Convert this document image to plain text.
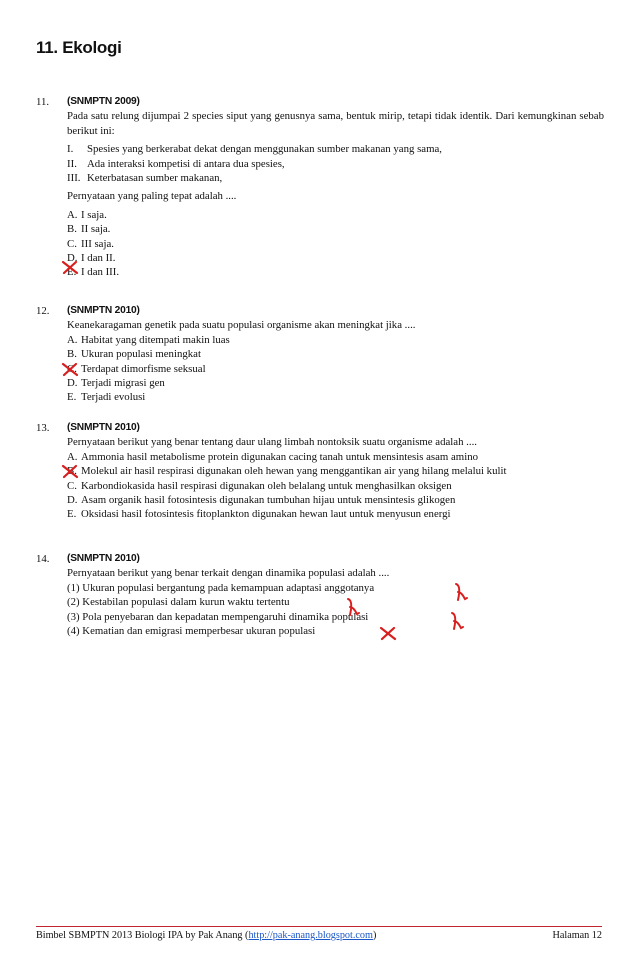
11. Ekologi
11. (SNMPTN 2009)
Pada satu relung dijumpai 2 species siput yang genusnya sama, bentuk mirip, tetapi tidak identik. Dari kemungkinan sebab berikut ini:
I. Spesies yang berkerabat dekat dengan menggunakan sumber makanan yang sama,
II. Ada interaksi kompetisi di antara dua spesies,
III. Keterbatasan sumber makanan,
Pernyataan yang paling tepat adalah ....
A. I saja.
B. II saja.
C. III saja.
D. I dan II.
E. I dan III.
12. (SNMPTN 2010)
Keanekaragaman genetik pada suatu populasi organisme akan meningkat jika ....
A. Habitat yang ditempati makin luas
B. Ukuran populasi meningkat
C. Terdapat dimorfisme seksual
D. Terjadi migrasi gen
E. Terjadi evolusi
13. (SNMPTN 2010)
Pernyataan berikut yang benar tentang daur ulang limbah nontoksik suatu organisme adalah ....
A. Ammonia hasil metabolisme protein digunakan cacing tanah untuk mensintesis asam amino
B. Molekul air hasil respirasi digunakan oleh hewan yang menggantikan air yang hilang melalui kulit
C. Karbondiokasida hasil respirasi digunakan oleh belalang untuk menghasilkan oksigen
D. Asam organik hasil fotosintesis digunakan tumbuhan hijau untuk mensintesis glikogen
E. Oksidasi hasil fotosintesis fitoplankton digunakan hewan laut untuk menyusun energi
14. (SNMPTN 2010)
Pernyataan berikut yang benar terkait dengan dinamika populasi adalah ....
(1) Ukuran populasi bergantung pada kemampuan adaptasi anggotanya
(2) Kestabilan populasi dalam kurun waktu tertentu
(3) Pola penyebaran dan kepadatan mempengaruhi dinamika populasi
(4) Kematian dan emigrasi memperbesar ukuran populasi
Bimbel SBMPTN 2013 Biologi IPA by Pak Anang (http://pak-anang.blogspot.com)	Halaman 12
